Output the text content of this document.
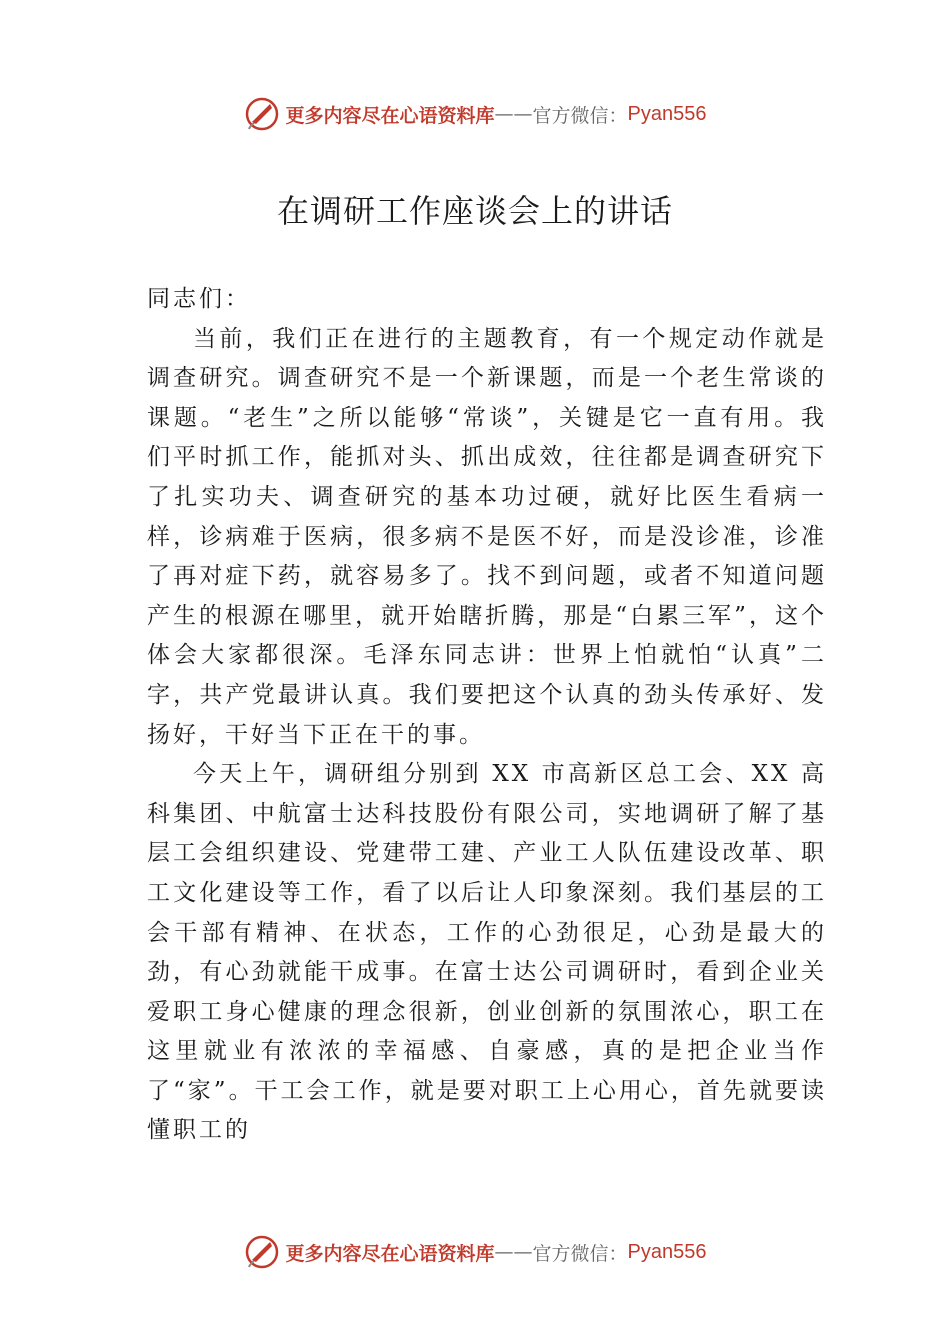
更多内容尽在心语资料库 —— 官方微信： Pyan556
在调研工作座谈会上的讲话

同志们：

当前，我们正在进行的主题教育，有一个规定动作就是调查研究。调查研究不是一个新课题，而是一个老生常谈的课题。“老生”之所以能够“常谈”，关键是它一直有用。我们平时抓工作，能抓对头、抓出成效，往往都是调查研究下了扎实功夫、调查研究的基本功过硬，就好比医生看病一样，诊病难于医病，很多病不是医不好，而是没诊准，诊准了再对症下药，就容易多了。找不到问题，或者不知道问题产生的根源在哪里，就开始瞎折腾，那是“白累三军”，这个体会大家都很深。毛泽东同志讲：世界上怕就怕“认真”二字，共产党最讲认真。我们要把这个认真的劲头传承好、发扬好，干好当下正在干的事。

今天上午，调研组分别到 XX 市高新区总工会、XX 高科集团、中航富士达科技股份有限公司，实地调研了解了基层工会组织建设、党建带工建、产业工人队伍建设改革、职工文化建设等工作，看了以后让人印象深刻。我们基层的工会干部有精神、在状态，工作的心劲很足，心劲是最大的劲，有心劲就能干成事。在富士达公司调研时，看到企业关爱职工身心健康的理念很新，创业创新的氛围浓心，职工在这里就业有浓浓的幸福感、自豪感，真的是把企业当作了“家”。干工会工作，就是要对职工上心用心，首先就要读懂职工的

更多内容尽在心语资料库 —— 官方微信： Pyan556
